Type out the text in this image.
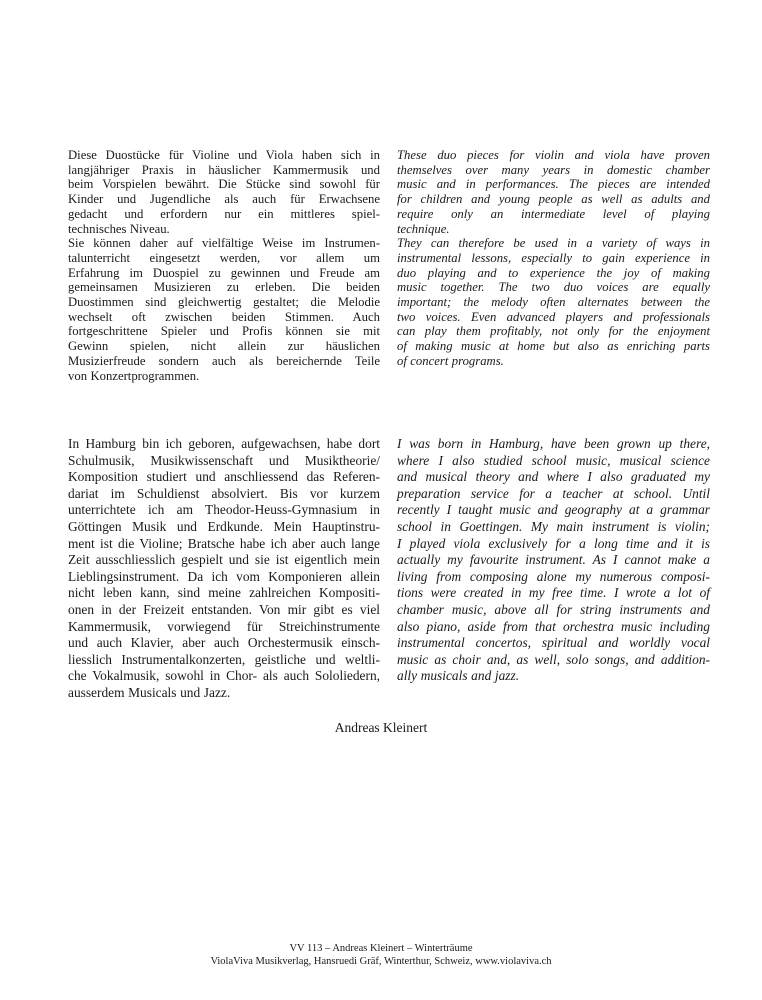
Diese Duostücke für Violine und Viola haben sich in
langjähriger Praxis in häuslicher Kammermusik und
beim Vorspielen bewährt. Die Stücke sind sowohl für
Kinder und Jugendliche als auch für Erwachsene
gedacht und erfordern nur ein mittleres spiel-
technisches Niveau.
Sie können daher auf vielfältige Weise im Instrumen-
talunterricht eingesetzt werden, vor allem um
Erfahrung im Duospiel zu gewinnen und Freude am
gemeinsamen Musizieren zu erleben. Die beiden
Duostimmen sind gleichwertig gestaltet; die Melodie
wechselt oft zwischen beiden Stimmen. Auch
fortgeschrittene Spieler und Profis können sie mit
Gewinn spielen, nicht allein zur häuslichen
Musizierfreude sondern auch als bereichernde Teile
von Konzertprogrammen.
These duo pieces for violin and viola have proven
themselves over many years in domestic chamber
music and in performances. The pieces are intended
for children and young people as well as adults and
require only an intermediate level of playing
technique.
They can therefore be used in a variety of ways in
instrumental lessons, especially to gain experience in
duo playing and to experience the joy of making
music together. The two duo voices are equally
important; the melody often alternates between the
two voices. Even advanced players and professionals
can play them profitably, not only for the enjoyment
of making music at home but also as enriching parts
of concert programs.
In Hamburg bin ich geboren, aufgewachsen, habe dort
Schulmusik, Musikwissenschaft und Musiktheorie/
Komposition studiert und anschliessend das Referen-
dariat im Schuldienst absolviert. Bis vor kurzem
unterrichtete ich am Theodor-Heuss-Gymnasium in
Göttingen Musik und Erdkunde. Mein Hauptinstru-
ment ist die Violine; Bratsche habe ich aber auch lange
Zeit ausschliesslich gespielt und sie ist eigentlich mein
Lieblingsinstrument. Da ich vom Komponieren allein
nicht leben kann, sind meine zahlreichen Kompositi-
onen in der Freizeit entstanden. Von mir gibt es viel
Kammermusik, vorwiegend für Streichinstrumente
und auch Klavier, aber auch Orchestermusik einsch-
liesslich Instrumentalkonzerten, geistliche und weltli-
che Vokalmusik, sowohl in Chor- als auch Sololiedern,
ausserdem Musicals und Jazz.
I was born in Hamburg, have been grown up there,
where I also studied school music, musical science
and musical theory and where I also graduated my
preparation service for a teacher at school. Until
recently I taught music and geography at a grammar
school in Goettingen. My main instrument is violin;
I played viola exclusively for a long time and it is
actually my favourite instrument. As I cannot make a
living from composing alone my numerous composi-
tions were created in my free time. I wrote a lot of
chamber music, above all for string instruments and
also piano, aside from that orchestra music including
instrumental concertos, spiritual and worldly vocal
music as choir and, as well, solo songs, and addition-
ally musicals and jazz.
Andreas Kleinert
VV 113 – Andreas Kleinert – Winterträume
ViolaViva Musikverlag, Hansruedi Gräf, Winterthur, Schweiz, www.violaviva.ch
